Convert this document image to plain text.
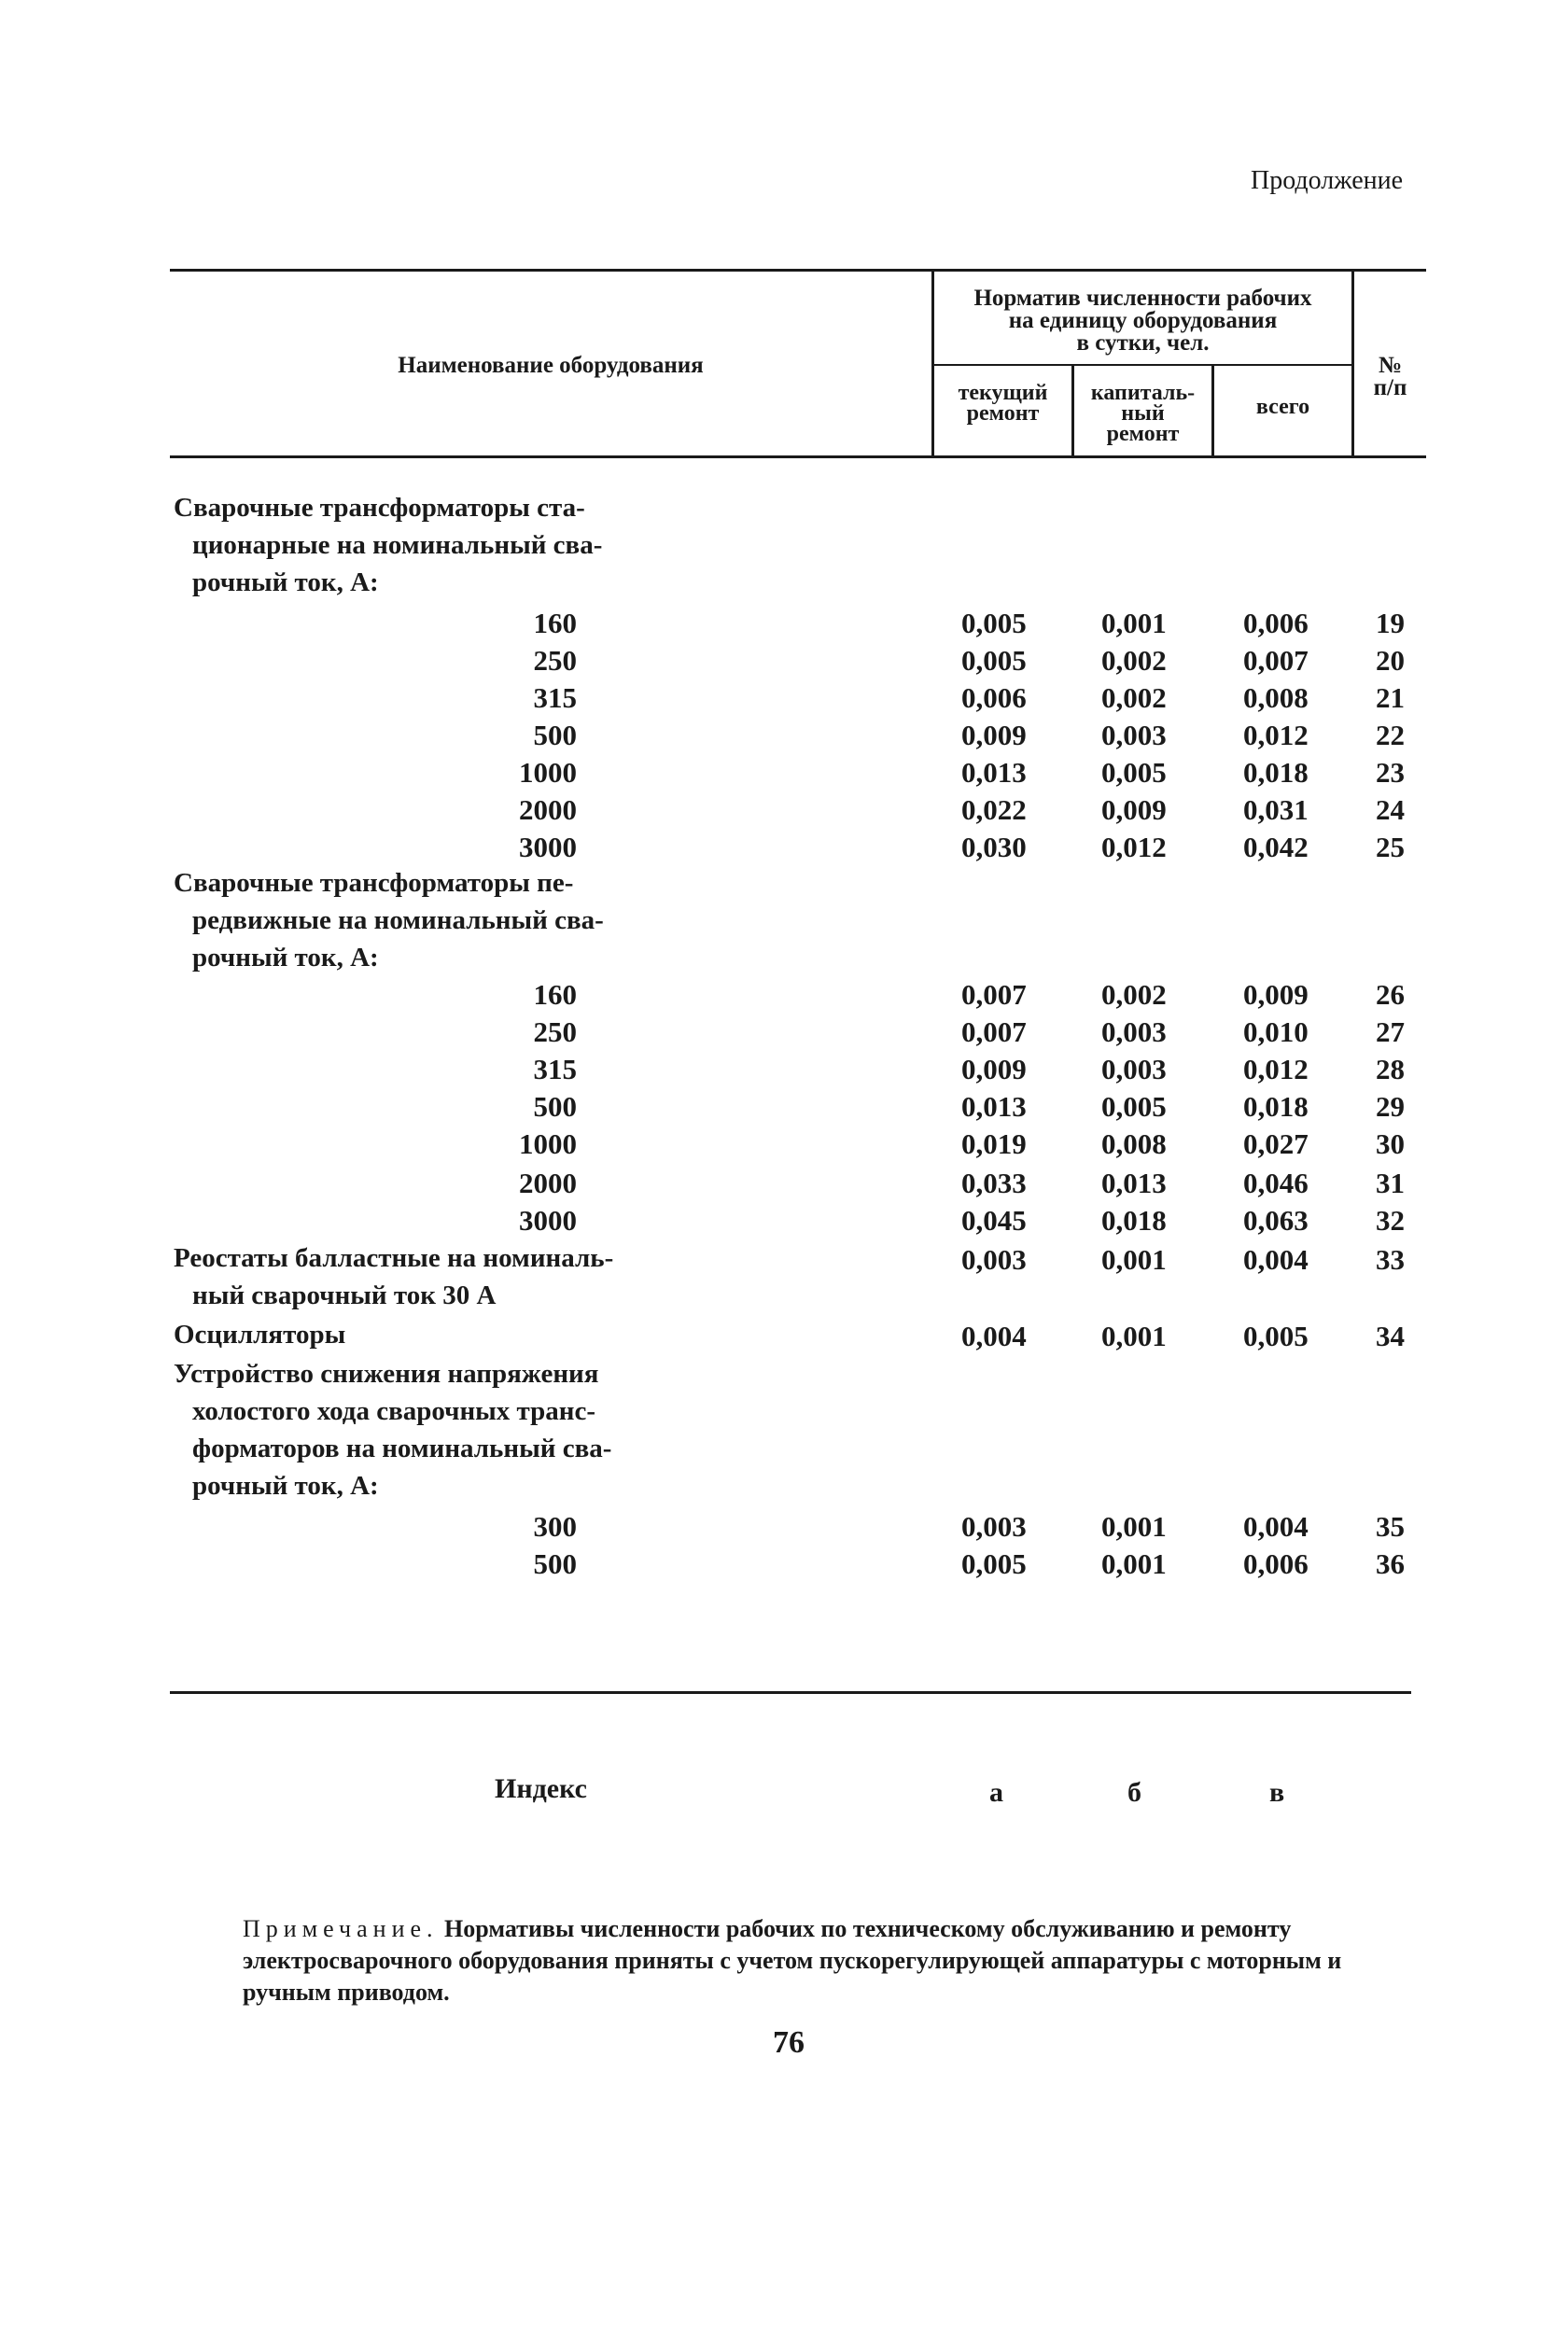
Продолжение
Наименование оборудования
Норматив численности рабочих
на единицу оборудования
в сутки, чел.
текущий
ремонт
капиталь-
ный
ремонт
всего
№
п/п
Сварочные трансформаторы ста-
ционарные на номинальный сва-
рочный ток, А:
160	0,005	0,001	0,006 19
250	0,005	0,002	0,007 20
315	0,006	0,002	0,008 21
500	0,009	0,003	0,012 22
1000	0,013	0,005	0,018 23
2000	0,022	0,009	0,031 24
3000	0,030	0,012	0,042 25
Сварочные трансформаторы пе-
редвижные на номинальный сва-
рочный ток, А:
160	0,007	0,002	0,009 26
250	0,007	0,003	0,010 27
315	0,009	0,003	0,012 28
500	0,013	0,005	0,018 29
1000	0,019	0,008	0,027 30
2000	0,033	0,013	0,046 31
3000	0,045	0,018	0,063 32
Реостаты балластные на номиналь-
ный сварочный ток 30 А
0,003	0,001	0,004 33
Осцилляторы	0,004	0,001	0,005 34
Устройство снижения напряжения
холостого хода сварочных транс-
форматоров на номинальный сва-
рочный ток, А:
300	0,003	0,001	0,004 35
500	0,005	0,001	0,006 36
Индекс	а	б	в
Примечание. Нормативы численности рабочих по техническому обслуживанию и ремонту электросварочного оборудования приняты с учетом пускорегулирующей аппаратуры с моторным и ручным приводом.
76
